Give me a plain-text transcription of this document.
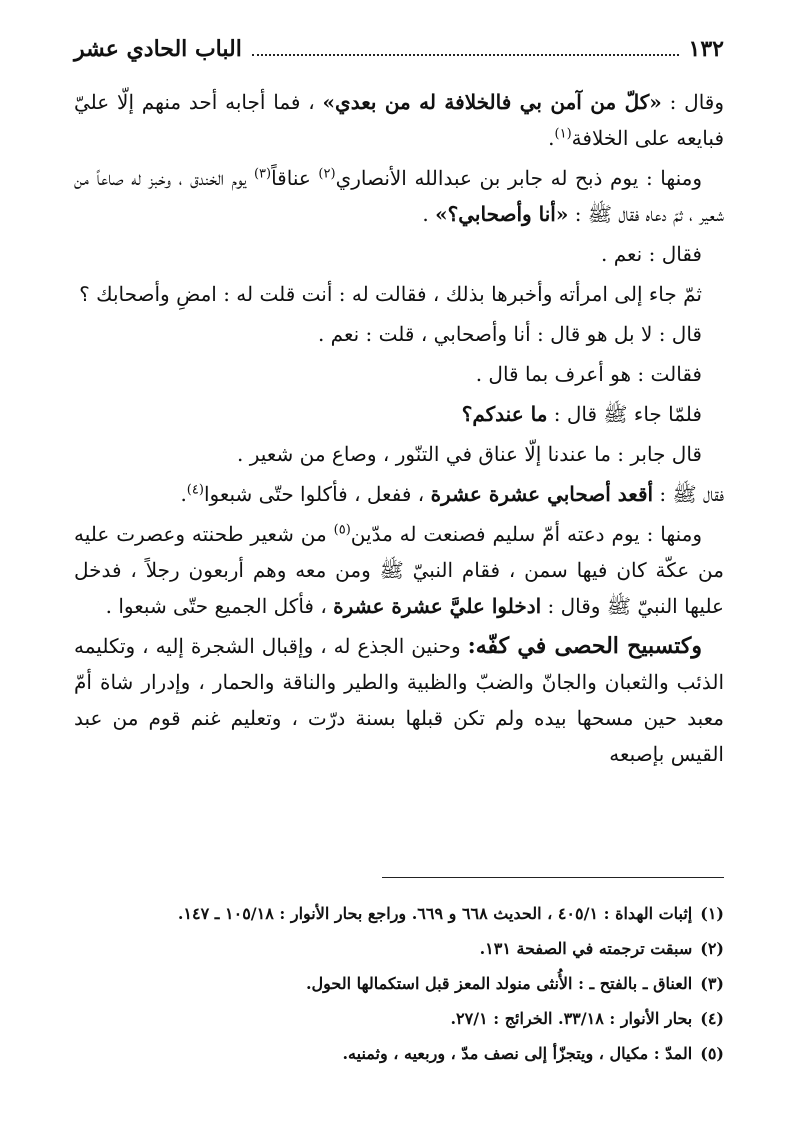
١٣٢
الباب الحادي عشر

وقال : «كلّ من آمن بي فالخلافة له من بعدي» ، فما أجابه أحد منهم إلّا عليّ فبايعه على الخلافة$^{(١)}$.

ومنها : يوم ذبح له جابر بن عبدالله الأنصاري$^{(٢)}$ عناقاً$^{(٣)}$ يوم الخندق ، وخبز له صاعاً من شعير ، ثمّ دعاه فقال ﷺ : «أنا وأصحابي؟» .

فقال : نعم .

ثمّ جاء إلى امرأته وأخبرها بذلك ، فقالت له : أنت قلت له : امضِ وأصحابك ؟

قال : لا بل هو قال : أنا وأصحابي ، قلت : نعم .

فقالت : هو أعرف بما قال .

فلمّا جاء ﷺ قال : ما عندكم؟

قال جابر : ما عندنا إلّا عناق في التنّور ، وصاع من شعير .

فقال ﷺ : أقعد أصحابي عشرة عشرة ، ففعل ، فأكلوا حتّى شبعوا$^{(٤)}$.

ومنها : يوم دعته أمّ سليم فصنعت له مدّين$^{(٥)}$ من شعير طحنته وعصرت عليه من عكّة كان فيها سمن ، فقام النبيّ ﷺ ومن معه وهم أربعون رجلاً ، فدخل عليها النبيّ ﷺ وقال : ادخلوا عليَّ عشرة عشرة ، فأكل الجميع حتّى شبعوا .

وكتسبيح الحصى في كفّه: وحنين الجذع له ، وإقبال الشجرة إليه ، وتكليمه الذئب والثعبان والجانّ والضبّ والظبية والطير والناقة والحمار ، وإدرار شاة أمّ معبد حين مسحها بيده ولم تكن قبلها بسنة درّت ، وتعليم غنم قوم من عبد القيس بإصبعه

(١)
إثبات الهداة : ٤٠٥/١ ، الحديث ٦٦٨ و ٦٦٩. وراجع بحار الأنوار : ١٠٥/١٨ ـ ١٤٧.
(٢)
سبقت ترجمته في الصفحة ١٣١.
(٣)
العناق ـ بالفتح ـ : الأُنثى منولد المعز قبل استكمالها الحول.
(٤)
بحار الأنوار : ٣٣/١٨. الخرائج : ٢٧/١.
(٥)
المدّ : مكيال ، ويتجزّأ إلى نصف مدّ ، وربعيه ، وثمنيه.
